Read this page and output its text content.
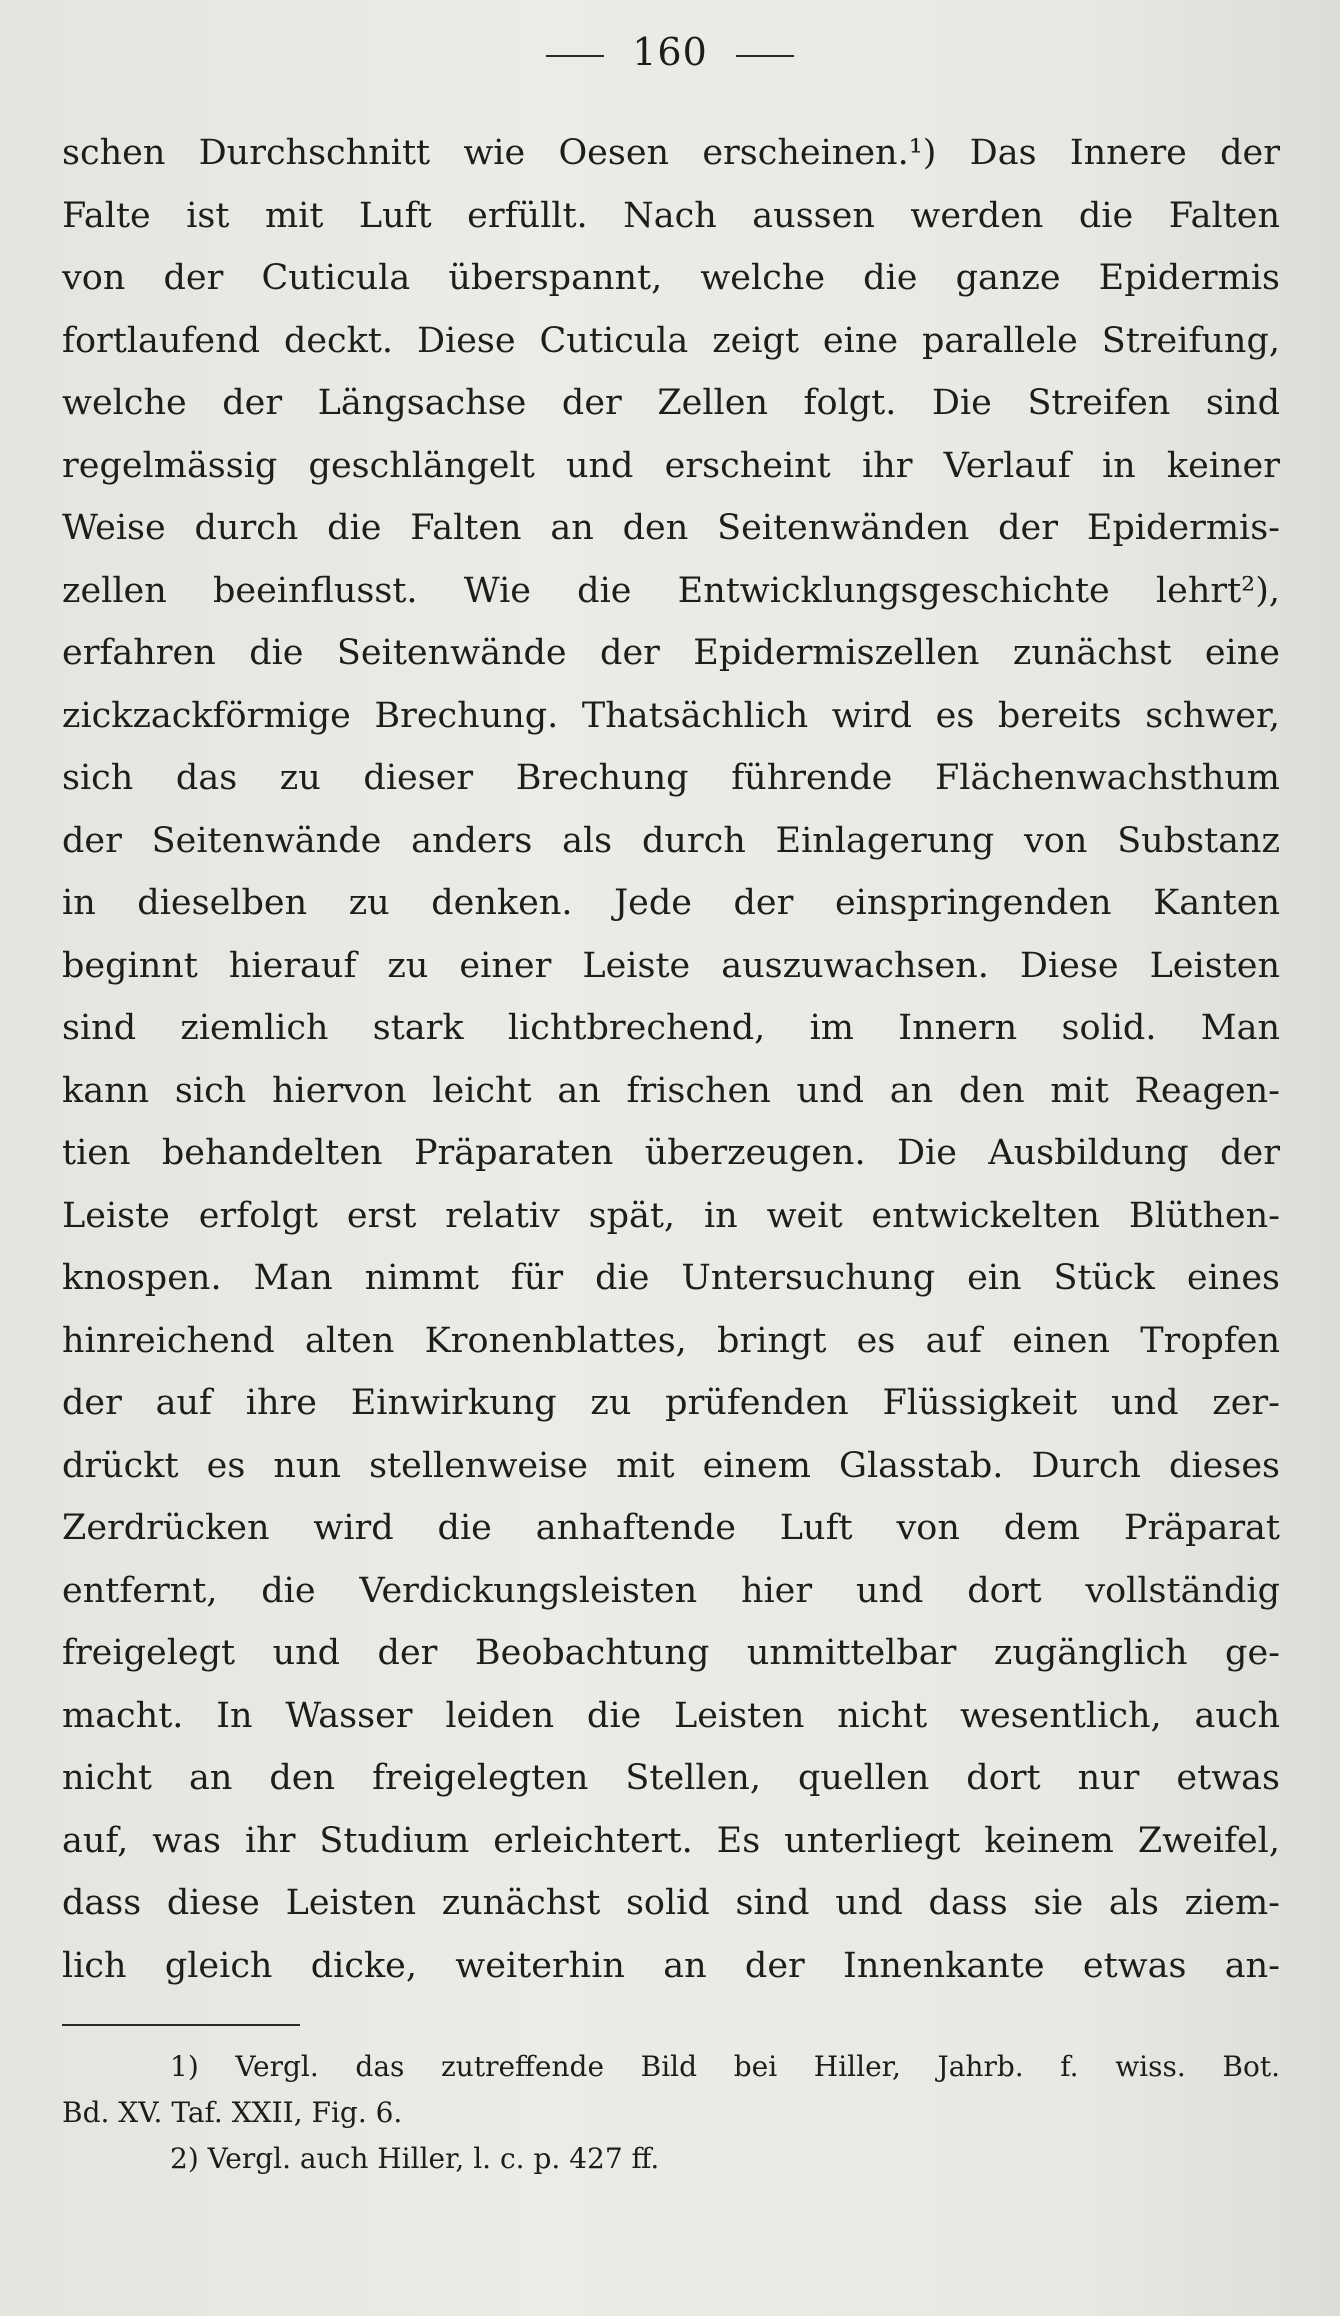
160
schen Durchschnitt wie Oesen erscheinen.¹) Das Innere der
Falte ist mit Luft erfüllt. Nach aussen werden die Falten
von der Cuticula überspannt, welche die ganze Epidermis
fortlaufend deckt. Diese Cuticula zeigt eine parallele Streifung,
welche der Längsachse der Zellen folgt. Die Streifen sind
regelmässig geschlängelt und erscheint ihr Verlauf in keiner
Weise durch die Falten an den Seitenwänden der Epidermis-
zellen beeinflusst. Wie die Entwicklungsgeschichte lehrt²),
erfahren die Seitenwände der Epidermiszellen zunächst eine
zickzackförmige Brechung. Thatsächlich wird es bereits schwer,
sich das zu dieser Brechung führende Flächenwachsthum
der Seitenwände anders als durch Einlagerung von Substanz
in dieselben zu denken. Jede der einspringenden Kanten
beginnt hierauf zu einer Leiste auszuwachsen. Diese Leisten
sind ziemlich stark lichtbrechend, im Innern solid. Man
kann sich hiervon leicht an frischen und an den mit Reagen-
tien behandelten Präparaten überzeugen. Die Ausbildung der
Leiste erfolgt erst relativ spät, in weit entwickelten Blüthen-
knospen. Man nimmt für die Untersuchung ein Stück eines
hinreichend alten Kronenblattes, bringt es auf einen Tropfen
der auf ihre Einwirkung zu prüfenden Flüssigkeit und zer-
drückt es nun stellenweise mit einem Glasstab. Durch dieses
Zerdrücken wird die anhaftende Luft von dem Präparat
entfernt, die Verdickungsleisten hier und dort vollständig
freigelegt und der Beobachtung unmittelbar zugänglich ge-
macht. In Wasser leiden die Leisten nicht wesentlich, auch
nicht an den freigelegten Stellen, quellen dort nur etwas
auf, was ihr Studium erleichtert. Es unterliegt keinem Zweifel,
dass diese Leisten zunächst solid sind und dass sie als ziem-
lich gleich dicke, weiterhin an der Innenkante etwas an-
1) Vergl. das zutreffende Bild bei Hiller, Jahrb. f. wiss. Bot.
Bd. XV. Taf. XXII, Fig. 6.
2) Vergl. auch Hiller, l. c. p. 427 ff.
